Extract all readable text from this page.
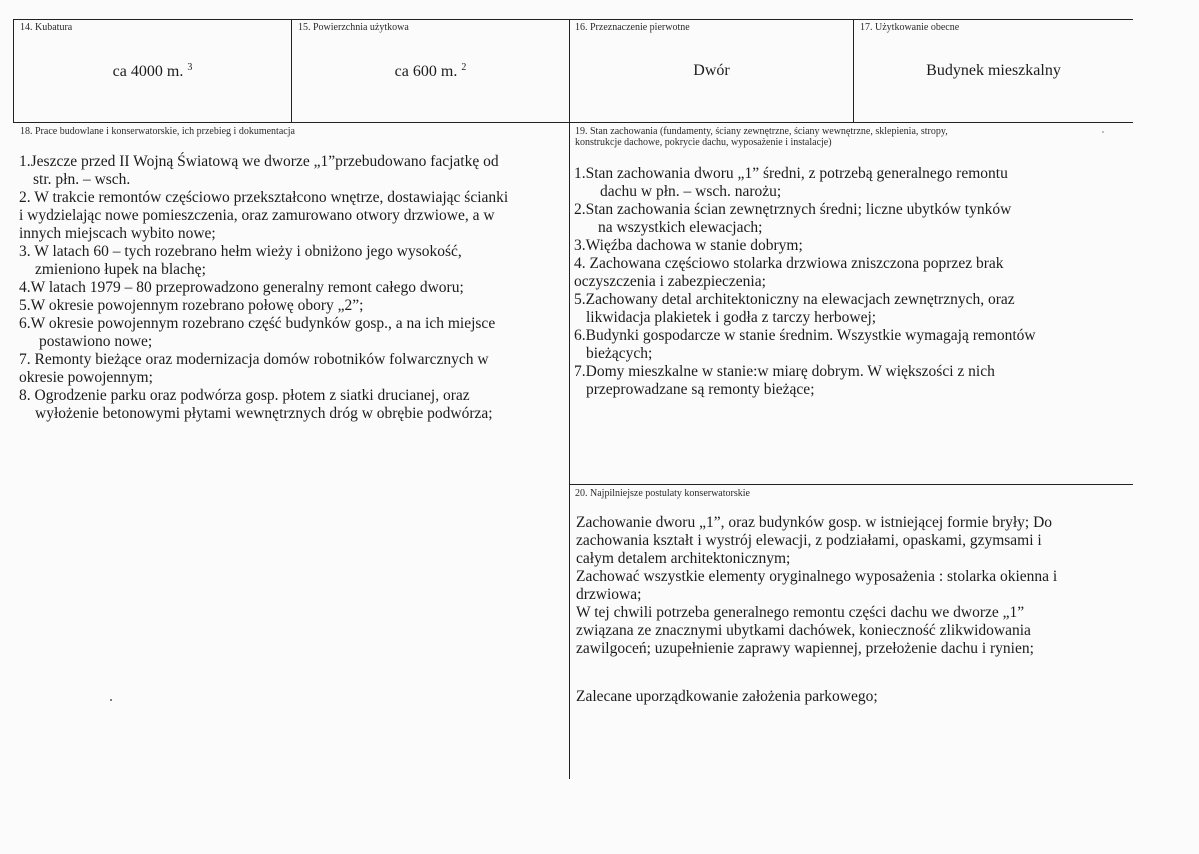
14. Kubatura
ca 4000 m. $^3$
15. Powierzchnia użytkowa
ca 600 m. $^2$
16. Przeznaczenie pierwotne
Dwór
17. Użytkowanie obecne
Budynek mieszkalny
18. Prace budowlane i konserwatorskie, ich przebieg i dokumentacja
1.Jeszcze przed II Wojną Światową we dworze „1”przebudowano facjatkę od
str. płn. – wsch.
2. W trakcie remontów częściowo przekształcono wnętrze, dostawiając ścianki
i wydzielając nowe pomieszczenia, oraz zamurowano otwory drzwiowe, a w
innych miejscach wybito nowe;
3. W latach 60 – tych rozebrano hełm wieży i obniżono jego wysokość,
zmieniono łupek na blachę;
4.W latach 1979 – 80 przeprowadzono generalny remont całego dworu;
5.W okresie powojennym rozebrano połowę obory „2”;
6.W okresie powojennym rozebrano część budynków gosp., a na ich miejsce
postawiono nowe;
7. Remonty bieżące oraz modernizacja domów robotników folwarcznych w
okresie powojennym;
8. Ogrodzenie parku oraz podwórza gosp. płotem z siatki drucianej, oraz
wyłożenie betonowymi płytami wewnętrznych dróg w obrębie podwórza;
19. Stan zachowania (fundamenty, ściany zewnętrzne, ściany wewnętrzne, sklepienia, stropy,
konstrukcje dachowe, pokrycie dachu, wyposażenie i instalacje)
1.Stan zachowania dworu „1” średni, z potrzebą generalnego remontu
dachu w płn. – wsch. narożu;
2.Stan zachowania ścian zewnętrznych średni; liczne ubytków tynków
na wszystkich elewacjach;
3.Więźba dachowa w stanie dobrym;
4. Zachowana częściowo stolarka drzwiowa zniszczona poprzez brak
oczyszczenia i zabezpieczenia;
5.Zachowany detal architektoniczny na elewacjach zewnętrznych, oraz
likwidacja plakietek i godła z tarczy herbowej;
6.Budynki gospodarcze w stanie średnim. Wszystkie wymagają remontów
bieżących;
7.Domy mieszkalne w stanie:w miarę dobrym. W większości z nich
przeprowadzane są remonty bieżące;
20. Najpilniejsze postulaty konserwatorskie
Zachowanie dworu „1”, oraz budynków gosp. w istniejącej formie bryły; Do
zachowania kształt i wystrój elewacji, z podziałami, opaskami, gzymsami i
całym detalem architektonicznym;
Zachować wszystkie elementy oryginalnego wyposażenia : stolarka okienna i
drzwiowa;
W tej chwili potrzeba generalnego remontu części dachu we dworze „1”
związana ze znacznymi ubytkami dachówek, konieczność zlikwidowania
zawilgoceń; uzupełnienie zaprawy wapiennej, przełożenie dachu i rynien;
Zalecane uporządkowanie założenia parkowego;
